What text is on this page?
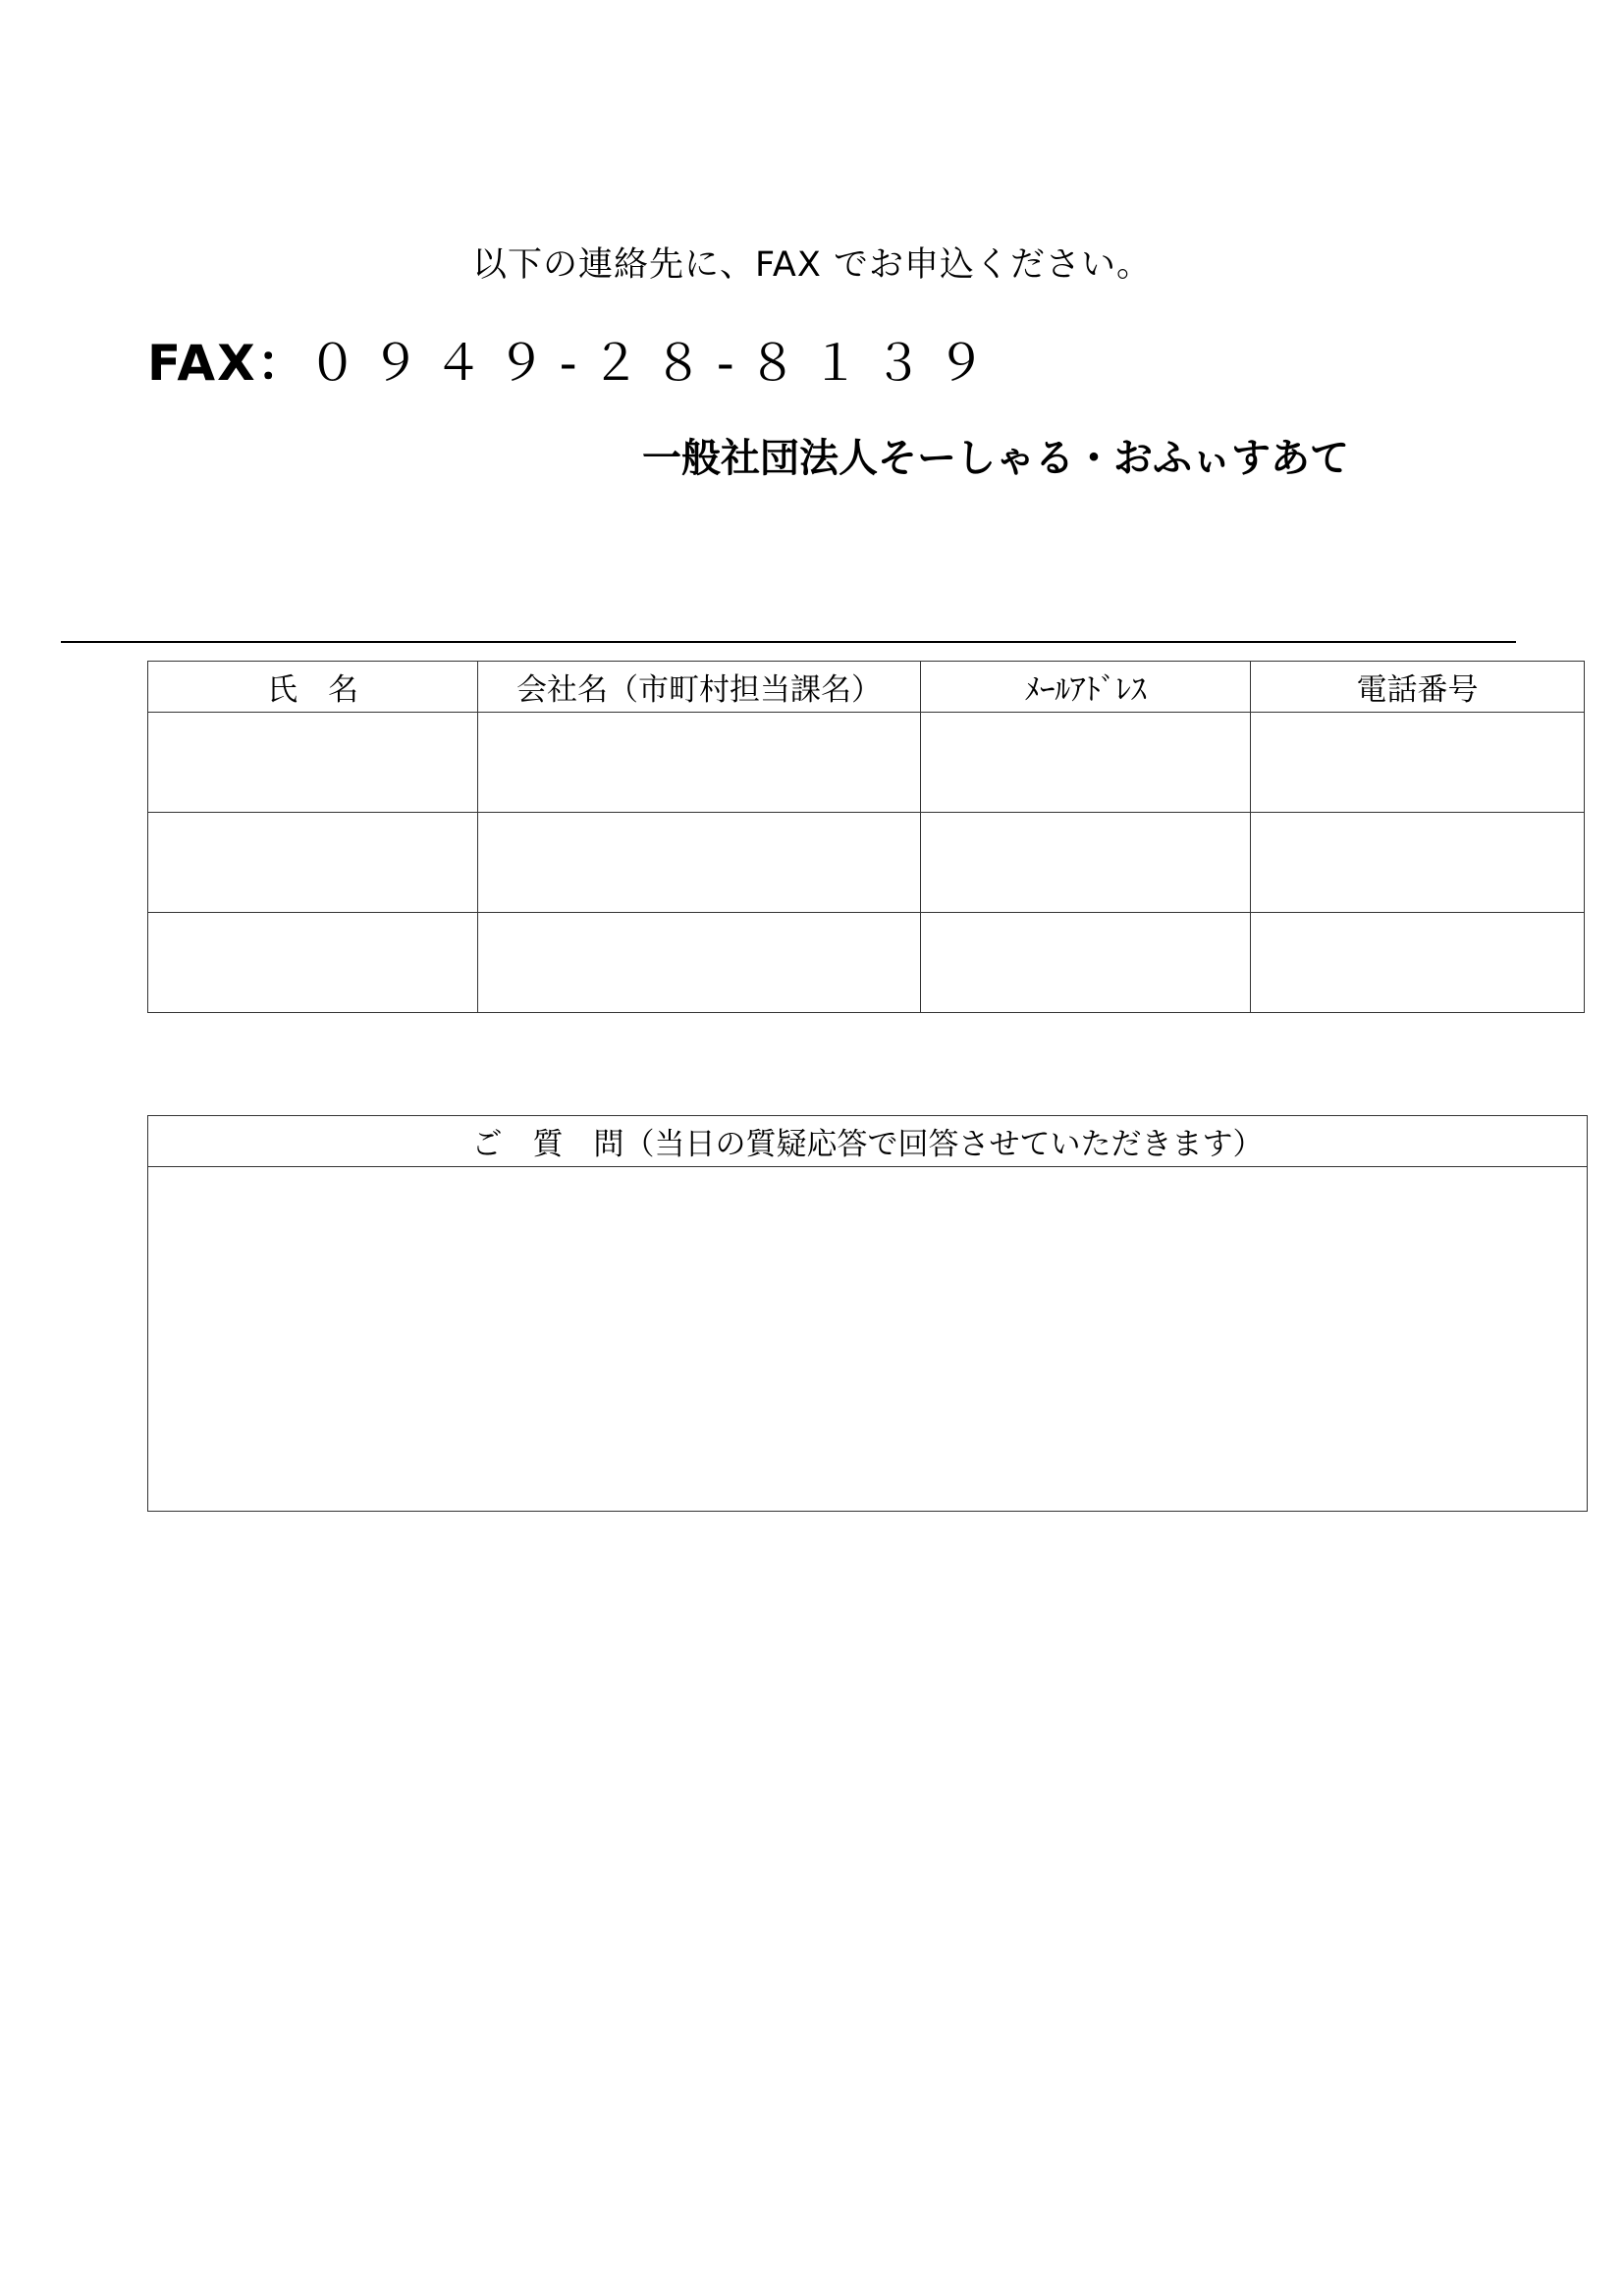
以下の連絡先に、FAX でお申込ください。
FAX：０９４９-２８-８１３９
一般社団法人そーしゃる・おふぃすあて
氏　名	会社名（市町村担当課名）	ﾒｰﾙｱﾄﾞﾚｽ	電話番号

ご　質　問（当日の質疑応答で回答させていただきます）
